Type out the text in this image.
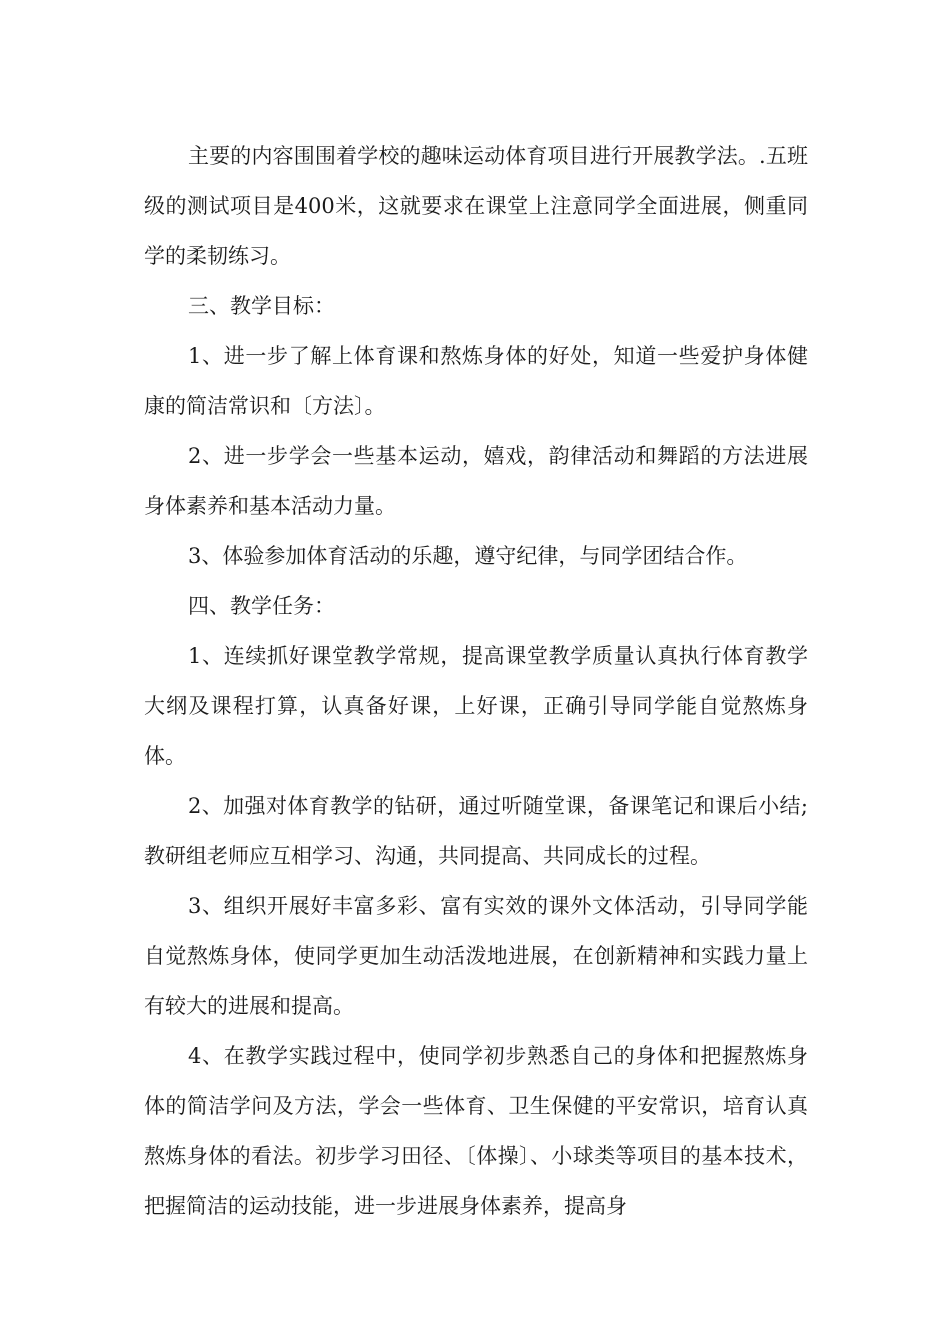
主要的内容围围着学校的趣味运动体育项目进行开展教学法。.五班级的测试项目是400米，这就要求在课堂上注意同学全面进展，侧重同学的柔韧练习。

三、教学目标：

1、进一步了解上体育课和熬炼身体的好处，知道一些爱护身体健康的简洁常识和〔方法〕。

2、进一步学会一些基本运动，嬉戏，韵律活动和舞蹈的方法进展身体素养和基本活动力量。

3、体验参加体育活动的乐趣，遵守纪律，与同学团结合作。

四、教学任务：

1、连续抓好课堂教学常规，提高课堂教学质量认真执行体育教学大纲及课程打算，认真备好课，上好课，正确引导同学能自觉熬炼身体。

2、加强对体育教学的钻研，通过听随堂课，备课笔记和课后小结;教研组老师应互相学习、沟通，共同提高、共同成长的过程。

3、组织开展好丰富多彩、富有实效的课外文体活动，引导同学能自觉熬炼身体，使同学更加生动活泼地进展，在创新精神和实践力量上有较大的进展和提高。

4、在教学实践过程中，使同学初步熟悉自己的身体和把握熬炼身体的简洁学问及方法，学会一些体育、卫生保健的平安常识，培育认真熬炼身体的看法。初步学习田径、〔体操〕、小球类等项目的基本技术，把握简洁的运动技能，进一步进展身体素养，提高身
